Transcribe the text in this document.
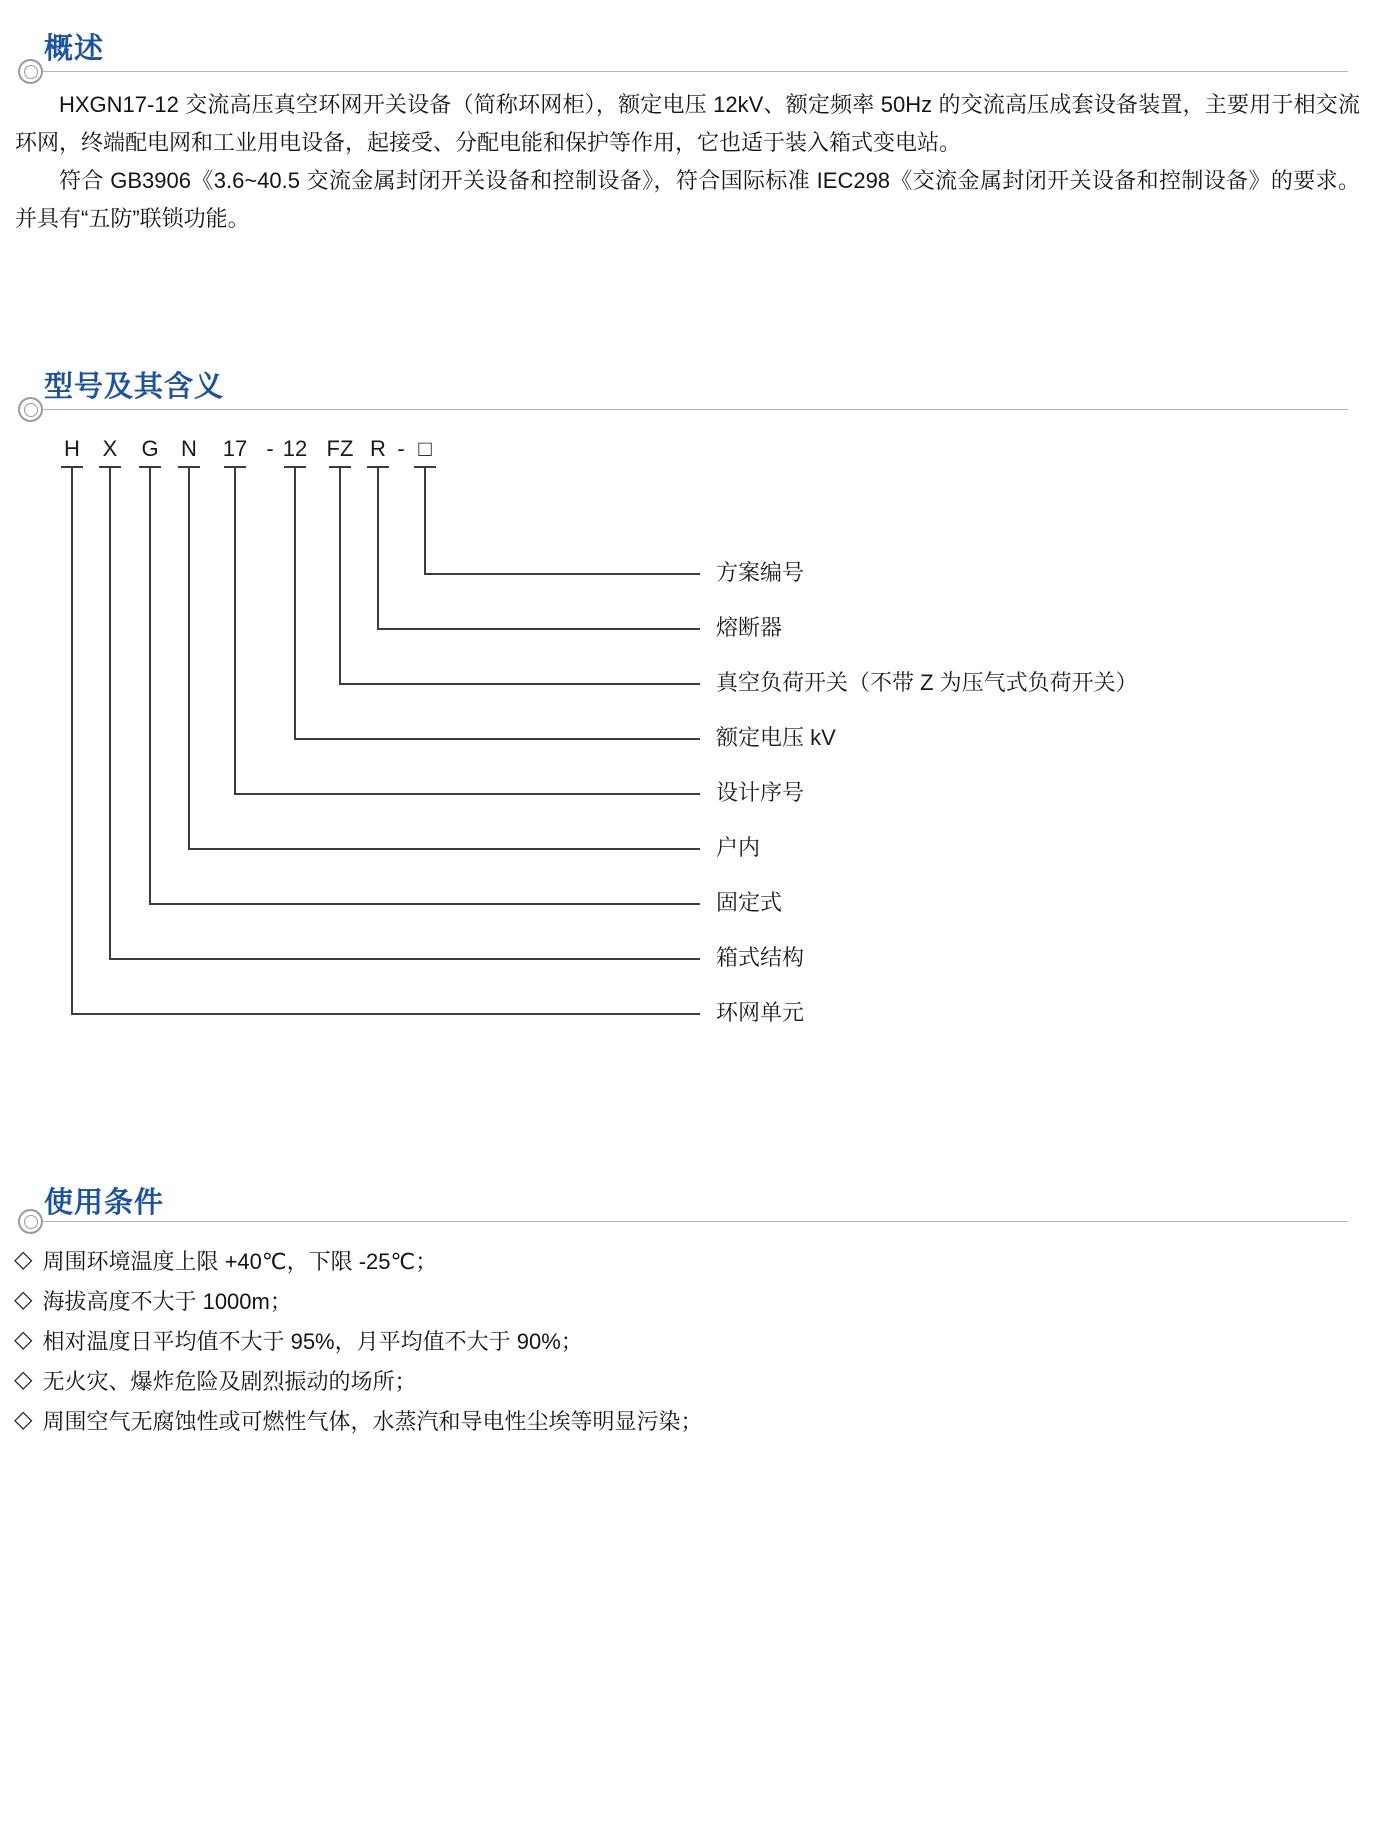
概述

HXGN17-12 交流高压真空环网开关设备（简称环网柜），额定电压 12kV、额定频率 50Hz 的交流高压成套设备装置，主要用于相交流环网，终端配电网和工业用电设备，起接受、分配电能和保护等作用，它也适于装入箱式变电站。

符合 GB3906《3.6~40.5 交流金属封闭开关设备和控制设备》，符合国际标准 IEC298《交流金属封闭开关设备和控制设备》的要求。并具有“五防”联锁功能。

型号及其含义
H X G N 17 - 12 FZ R - □
方案编号
熔断器
真空负荷开关（不带 Z 为压气式负荷开关）
额定电压 kV
设计序号
户内
固定式
箱式结构
环网单元
使用条件
◇ 周围环境温度上限 +40℃，下限 -25℃；
◇ 海拔高度不大于 1000m；
◇ 相对温度日平均值不大于 95%，月平均值不大于 90%；
◇ 无火灾、爆炸危险及剧烈振动的场所；
◇ 周围空气无腐蚀性或可燃性气体，水蒸汽和导电性尘埃等明显污染；
